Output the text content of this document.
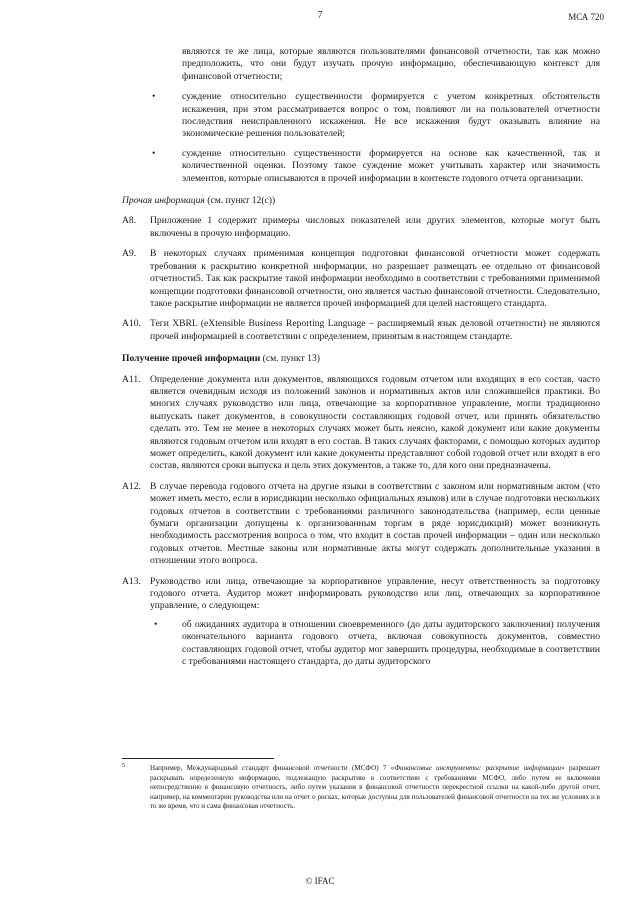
7	МСА 720

являются те же лица, которые являются пользователями финансовой отчетности, так как можно предположить, что они будут изучать прочую информацию, обеспечивающую контекст для финансовой отчетности;

•	суждение относительно существенности формируется с учетом конкретных обстоятельств искажения, при этом рассматривается вопрос о том, повлияют ли на пользователей отчетности последствия неисправленного искажения. Не все искажения будут оказывать влияние на экономические решения пользователей;
•	суждение относительно существенности формируется на основе как качественной, так и количественной оценки. Поэтому такое суждение может учитывать характер или значимость элементов, которые описываются в прочей информации в контексте годового отчета организации.
Прочая информация (см. пункт 12(c))
A8. Приложение 1 содержит примеры числовых показателей или других элементов, которые могут быть включены в прочую информацию.
A9. В некоторых случаях применимая концепция подготовки финансовой отчетности может содержать требования к раскрытию конкретной информации, но разрешает размещать ее отдельно от финансовой отчетности5. Так как раскрытие такой информации необходимо в соответствии с требованиями применимой концепции подготовки финансовой отчетности, оно является частью финансовой отчетности. Следовательно, такое раскрытие информации не является прочей информацией для целей настоящего стандарта.
A10. Теги XBRL (eXtensible Business Reporting Language – расширяемый язык деловой отчетности) не являются прочей информацией в соответствии с определением, принятым в настоящем стандарте.
Получение прочей информации (см. пункт 13)
A11. Определение документа или документов, являющихся годовым отчетом или входящих в его состав, часто является очевидным исходя из положений законов и нормативных актов или сложившейся практики. Во многих случаях руководство или лица, отвечающие за корпоративное управление, могли традиционно выпускать пакет документов, в совокупности составляющих годовой отчет, или принять обязательство сделать это. Тем не менее в некоторых случаях может быть неясно, какой документ или какие документы являются годовым отчетом или входят в его состав. В таких случаях факторами, с помощью которых аудитор может определить, какой документ или какие документы представляют собой годовой отчет или входят в его состав, являются сроки выпуска и цель этих документов, а также то, для кого они предназначены.
A12. В случае перевода годового отчета на другие языки в соответствии с законом или нормативным актом (что может иметь место, если в юрисдикции несколько официальных языков) или в случае подготовки нескольких годовых отчетов в соответствии с требованиями различного законодательства (например, если ценные бумаги организации допущены к организованным торгам в ряде юрисдикций) может возникнуть необходимость рассмотрения вопроса о том, что входит в состав прочей информации – один или несколько годовых отчетов. Местные законы или нормативные акты могут содержать дополнительные указания в отношении этого вопроса.
A13. Руководство или лица, отвечающие за корпоративное управление, несут ответственность за подготовку годового отчета. Аудитор может информировать руководство или лиц, отвечающих за корпоративное управление, о следующем:
•	об ожиданиях аудитора в отношении своевременного (до даты аудиторского заключения) получения окончательного варианта годового отчета, включая совокупность документов, совместно составляющих годовой отчет, чтобы аудитор мог завершить процедуры, необходимые в соответствии с требованиями настоящего стандарта, до даты аудиторского
5	Например, Международный стандарт финансовой отчетности (МСФО) 7 «Финансовые инструменты: раскрытие информации» разрешает раскрывать определенную информацию, подлежащую раскрытию в соответствии с требованиями МСФО, либо путем ее включения непосредственно в финансовую отчетность, либо путем указания в финансовой отчетности перекрестной ссылки на какой-либо другой отчет, например, на комментарии руководства или на отчет о рисках, которые доступны для пользователей финансовой отчетности на тех же условиях и в то же время, что и сама финансовая отчетность.
© IFAC
